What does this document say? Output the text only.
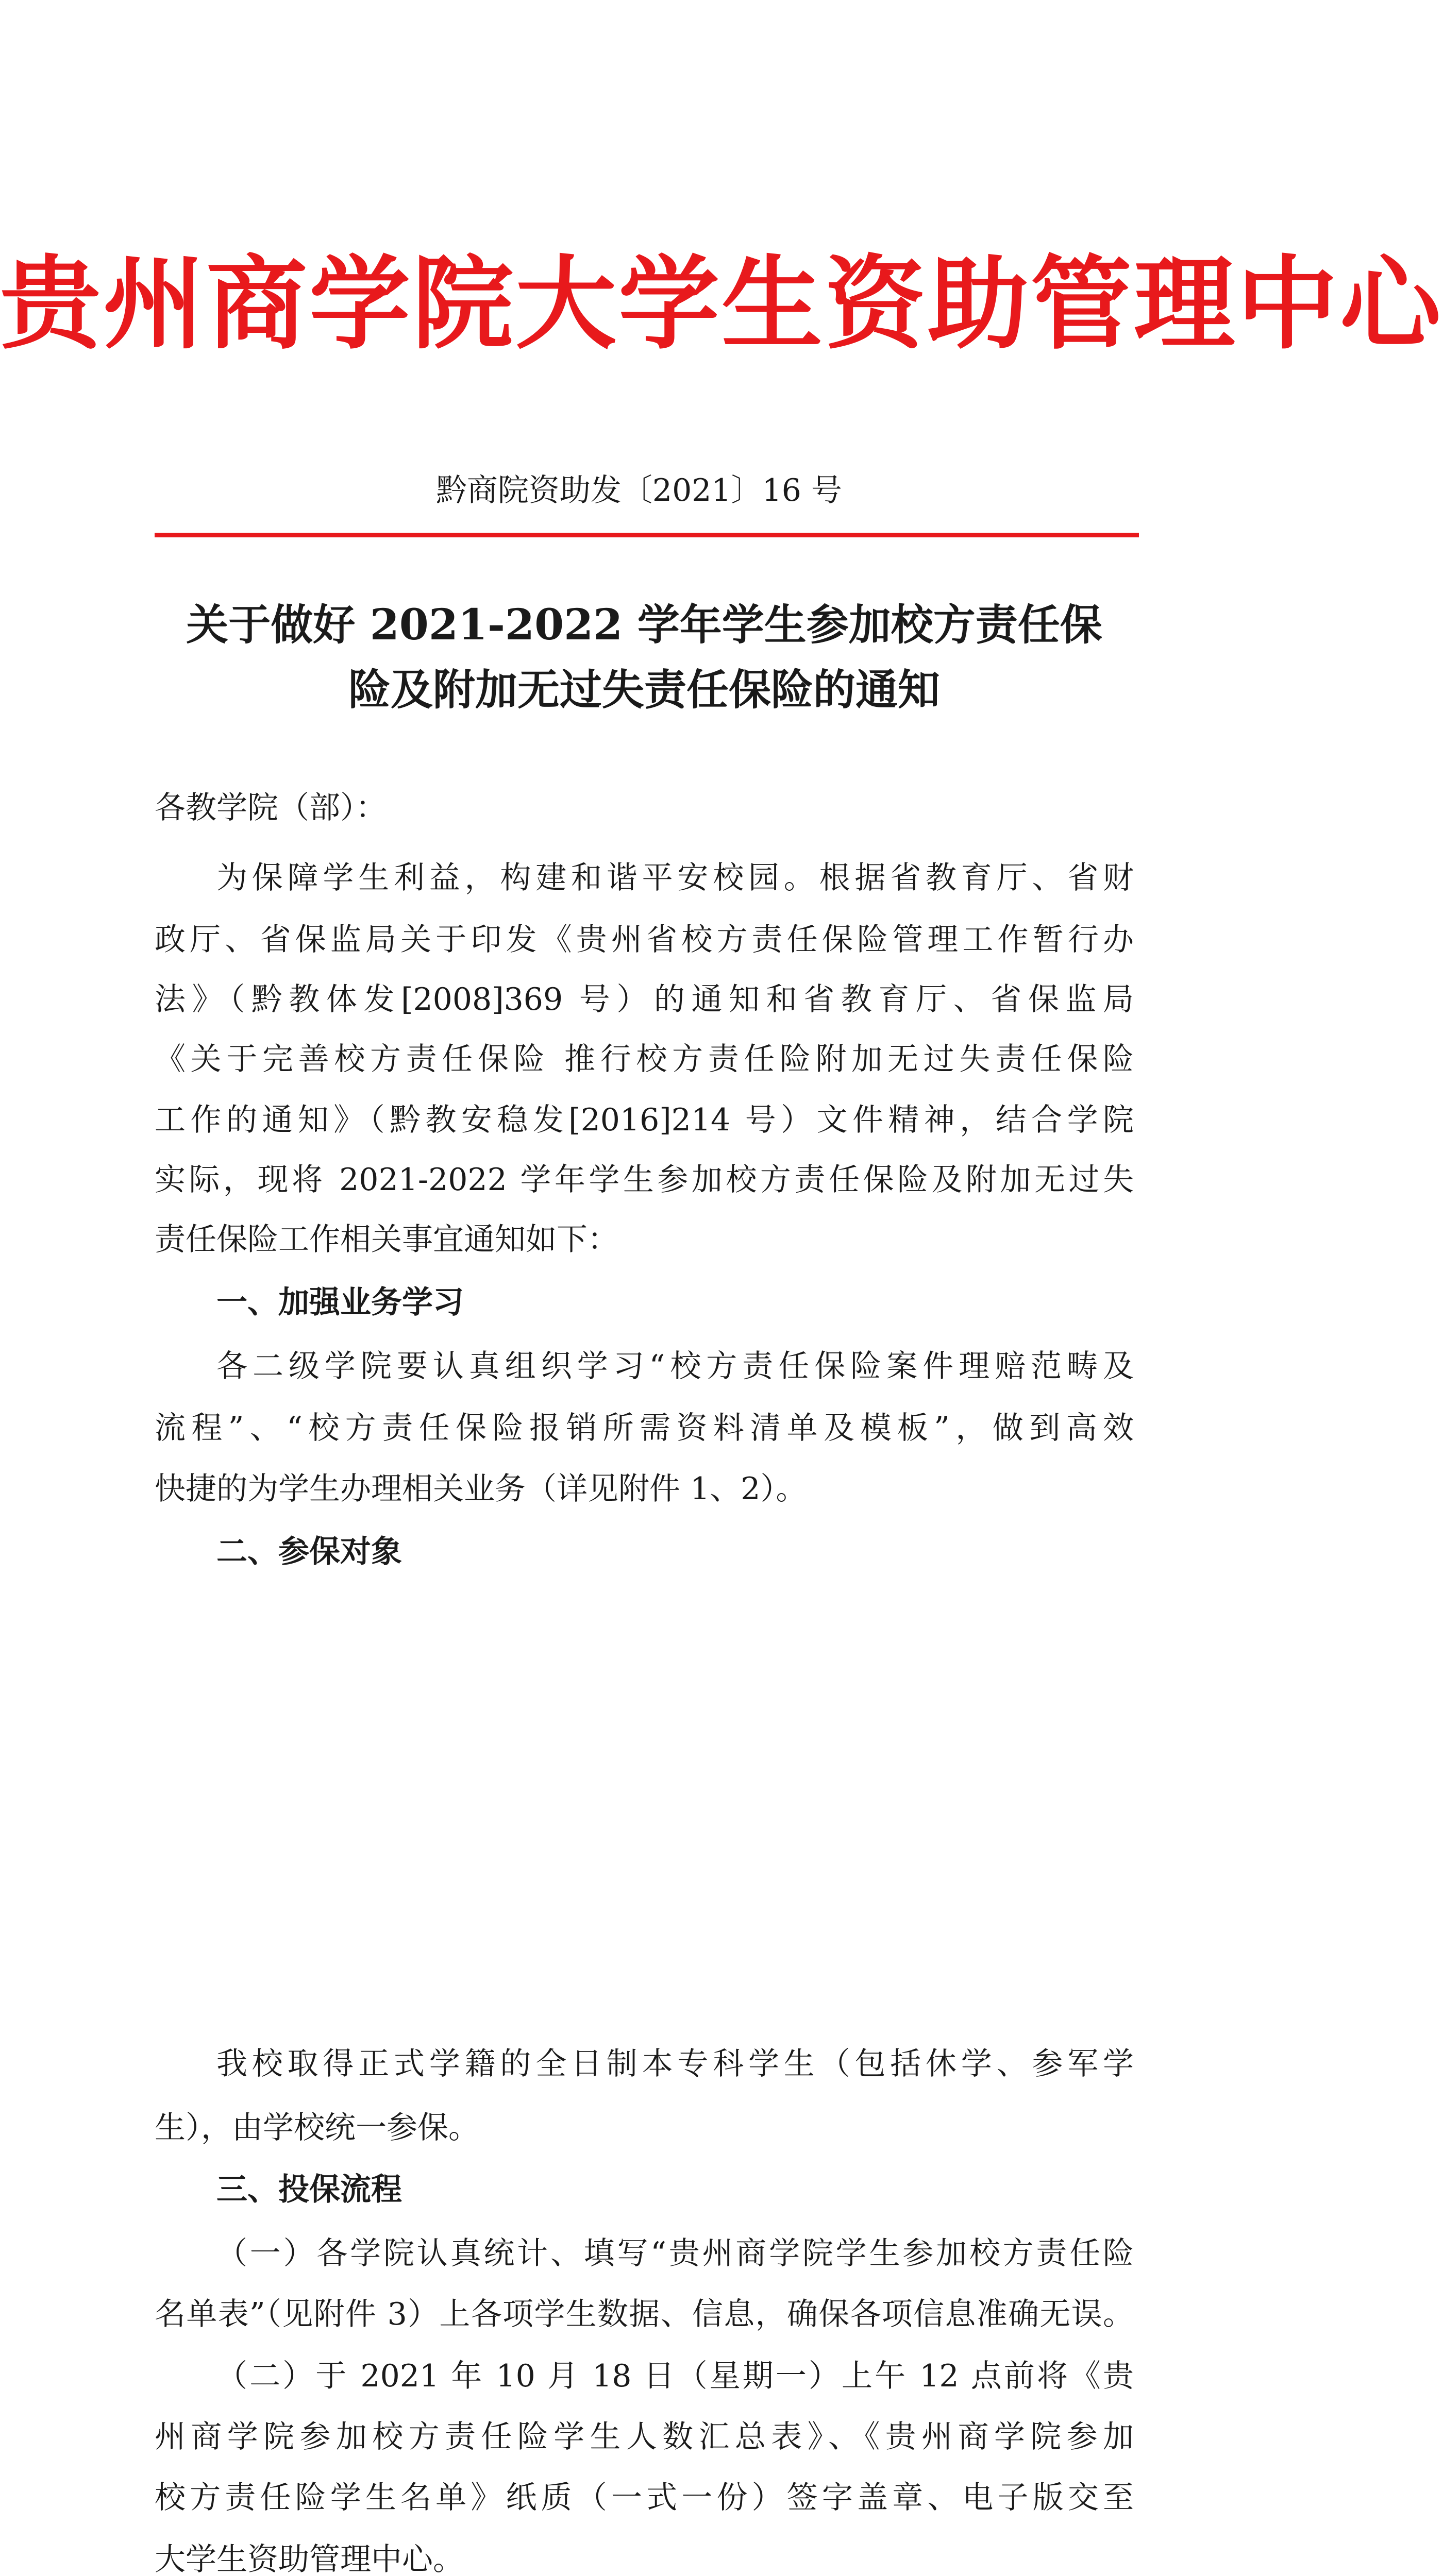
贵州商学院大学生资助管理中心
黔商院资助发〔2021〕16 号
关于做好 2021-2022 学年学生参加校方责任保
险及附加无过失责任保险的通知
各教学院（部）：
为保障学生利益，构建和谐平安校园。根据省教育厅、省财
政厅、省保监局关于印发《贵州省校方责任保险管理工作暂行办
法》（黔教体发[2008]369 号）的通知和省教育厅、省保监局
《关于完善校方责任保险 推行校方责任险附加无过失责任保险
工作的通知》（黔教安稳发[2016]214 号）文件精神，结合学院
实际，现将 2021-2022 学年学生参加校方责任保险及附加无过失
责任保险工作相关事宜通知如下：
一、加强业务学习
各二级学院要认真组织学习“校方责任保险案件理赔范畴及
流程”、“校方责任保险报销所需资料清单及模板”，做到高效
快捷的为学生办理相关业务（详见附件 1、2）。
二、参保对象
我校取得正式学籍的全日制本专科学生（包括休学、参军学
生），由学校统一参保。
三、投保流程
（一）各学院认真统计、填写“贵州商学院学生参加校方责任险
名单表”（见附件 3）上各项学生数据、信息，确保各项信息准确无误。
（二）于 2021 年 10 月 18 日（星期一）上午 12 点前将《贵
州商学院参加校方责任险学生人数汇总表》、《贵州商学院参加
校方责任险学生名单》纸质（一式一份）签字盖章、电子版交至
大学生资助管理中心。
